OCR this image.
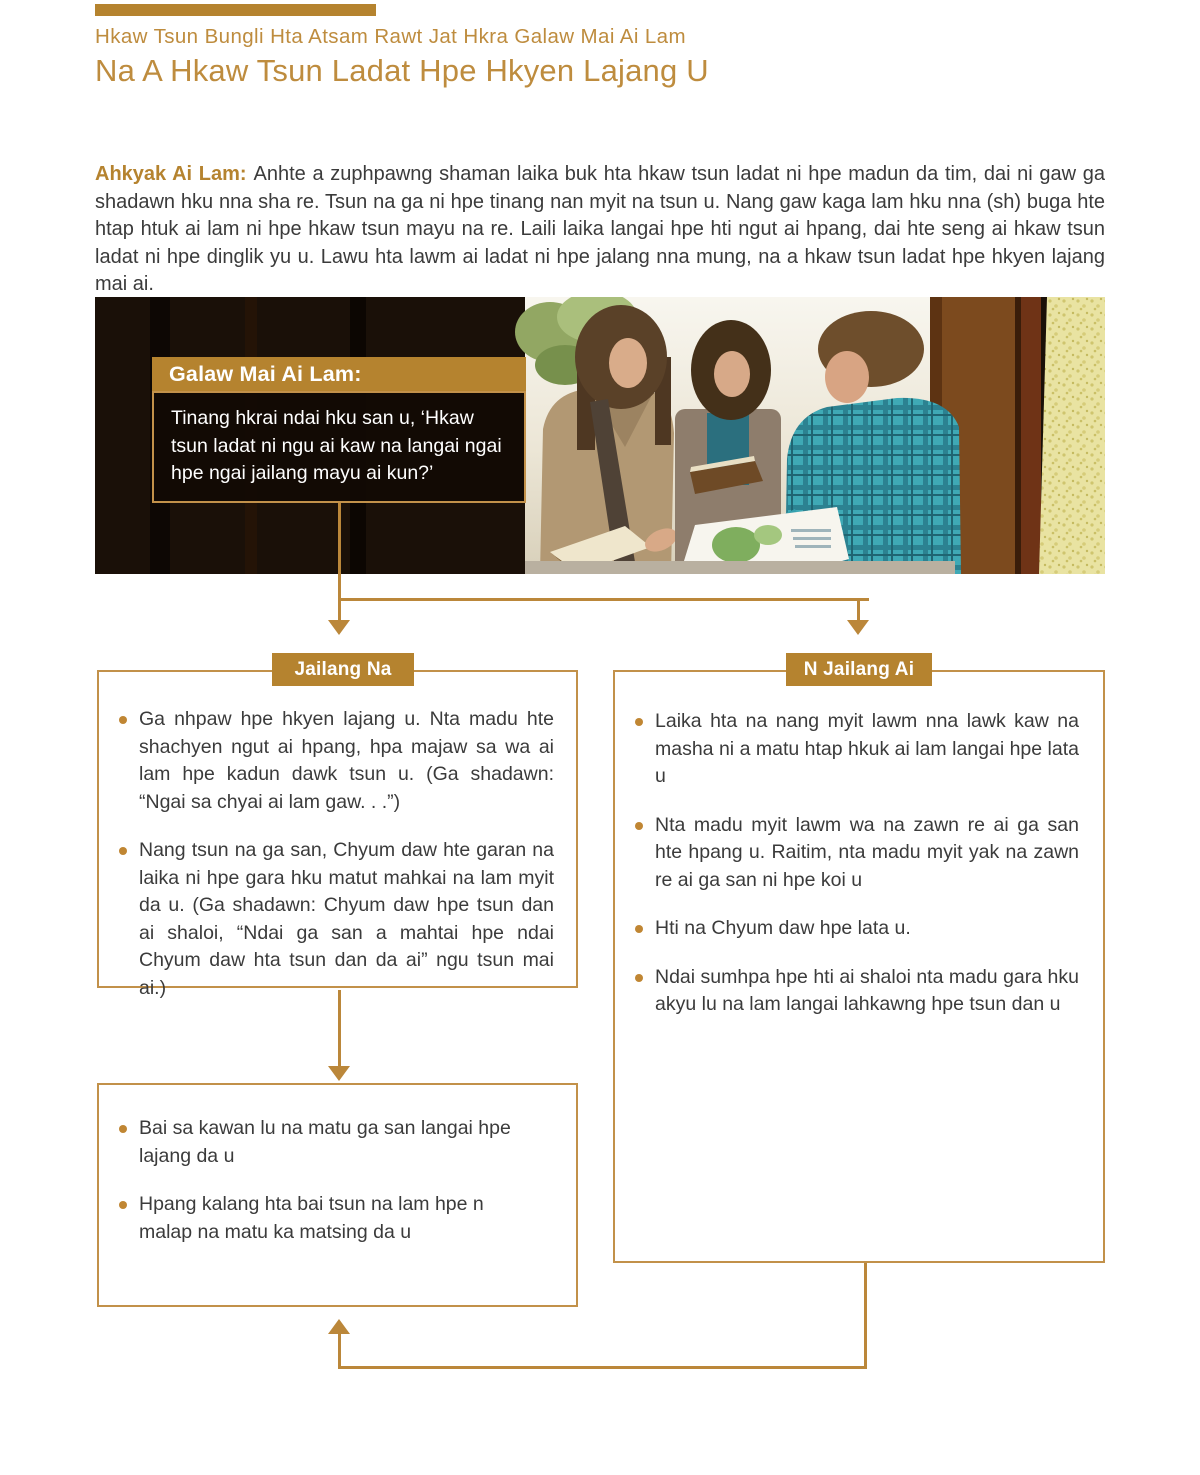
Hkaw Tsun Bungli Hta Atsam Rawt Jat Hkra Galaw Mai Ai Lam
Na A Hkaw Tsun Ladat Hpe Hkyen Lajang U

Ahkyak Ai Lam: Anhte a zuphpawng shaman laika buk hta hkaw tsun ladat ni hpe madun da tim, dai ni gaw ga shadawn hku nna sha re. Tsun na ga ni hpe tinang nan myit na tsun u. Nang gaw kaga lam hku nna (sh) buga hte htap htuk ai lam ni hpe hkaw tsun mayu na re. Laili laika langai hpe hti ngut ai hpang, dai hte seng ai hkaw tsun ladat ni hpe dinglik yu u. Lawu hta lawm ai ladat ni hpe jalang nna mung, na a hkaw tsun ladat hpe hkyen lajang mai ai.

Galaw Mai Ai Lam:
Tinang hkrai ndai hku san u, ‘Hkaw tsun ladat ni ngu ai kaw na langai ngai hpe ngai jailang mayu ai kun?’
Jailang Na
Ga nhpaw hpe hkyen lajang u. Nta madu hte shachyen ngut ai hpang, hpa majaw sa wa ai lam hpe kadun dawk tsun u. (Ga shadawn: “Ngai sa chyai ai lam gaw. . .”)
Nang tsun na ga san, Chyum daw hte garan na laika ni hpe gara hku matut mahkai na lam myit da u. (Ga shadawn: Chyum daw hpe tsun dan ai shaloi, “Ndai ga san a mahtai hpe ndai Chyum daw hta tsun dan da ai” ngu tsun mai ai.)
N Jailang Ai
Laika hta na nang myit lawm nna lawk kaw na masha ni a matu htap hkuk ai lam langai hpe lata u
Nta madu myit lawm wa na zawn re ai ga san hte hpang u. Raitim, nta madu myit yak na zawn re ai ga san ni hpe koi u
Hti na Chyum daw hpe lata u.
Ndai sumhpa hpe hti ai shaloi nta madu gara hku akyu lu na lam langai lahkawng hpe tsun dan u
Bai sa kawan lu na matu ga san langai hpe lajang da u
Hpang kalang hta bai tsun na lam hpe n malap na matu ka matsing da u
